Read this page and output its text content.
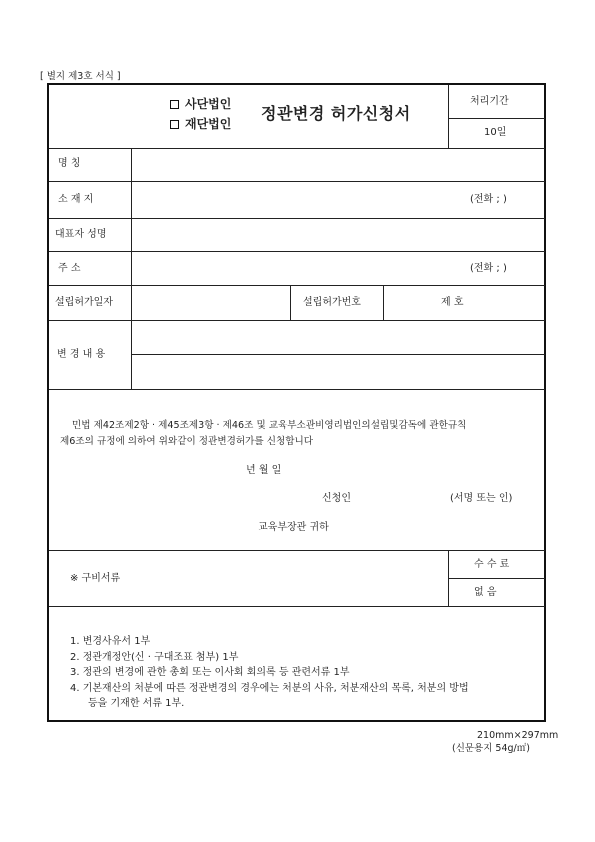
[ 별지 제3호 서식 ]
사단법인
재단법인
정관변경 허가신청서
처리기간
10일
명 칭
소 재 지	(전화 ; )
대표자 성명
주 소	(전화 ; )
설립허가일자	설립허가번호	제 호
변 경 내 용
민법 제42조제2항 · 제45조제3항 · 제46조 및 교육부소관비영리법인의설립및감독에 관한규칙
제6조의 규정에 의하여 위와같이 정관변경허가를 신청합니다
년 월 일
신청인	(서명 또는 인)
교육부장관 귀하
※ 구비서류
수 수 료
없 음
1. 변경사유서 1부
2. 정관개정안(신 · 구대조표 첨부) 1부
3. 정관의 변경에 관한 총회 또는 이사회 회의록 등 관련서류 1부
4. 기본재산의 처분에 따른 정관변경의 경우에는 처분의 사유, 처분재산의 목록, 처분의 방법
등을 기재한 서류 1부.
210mm×297mm
(신문용지 54g/㎡)
